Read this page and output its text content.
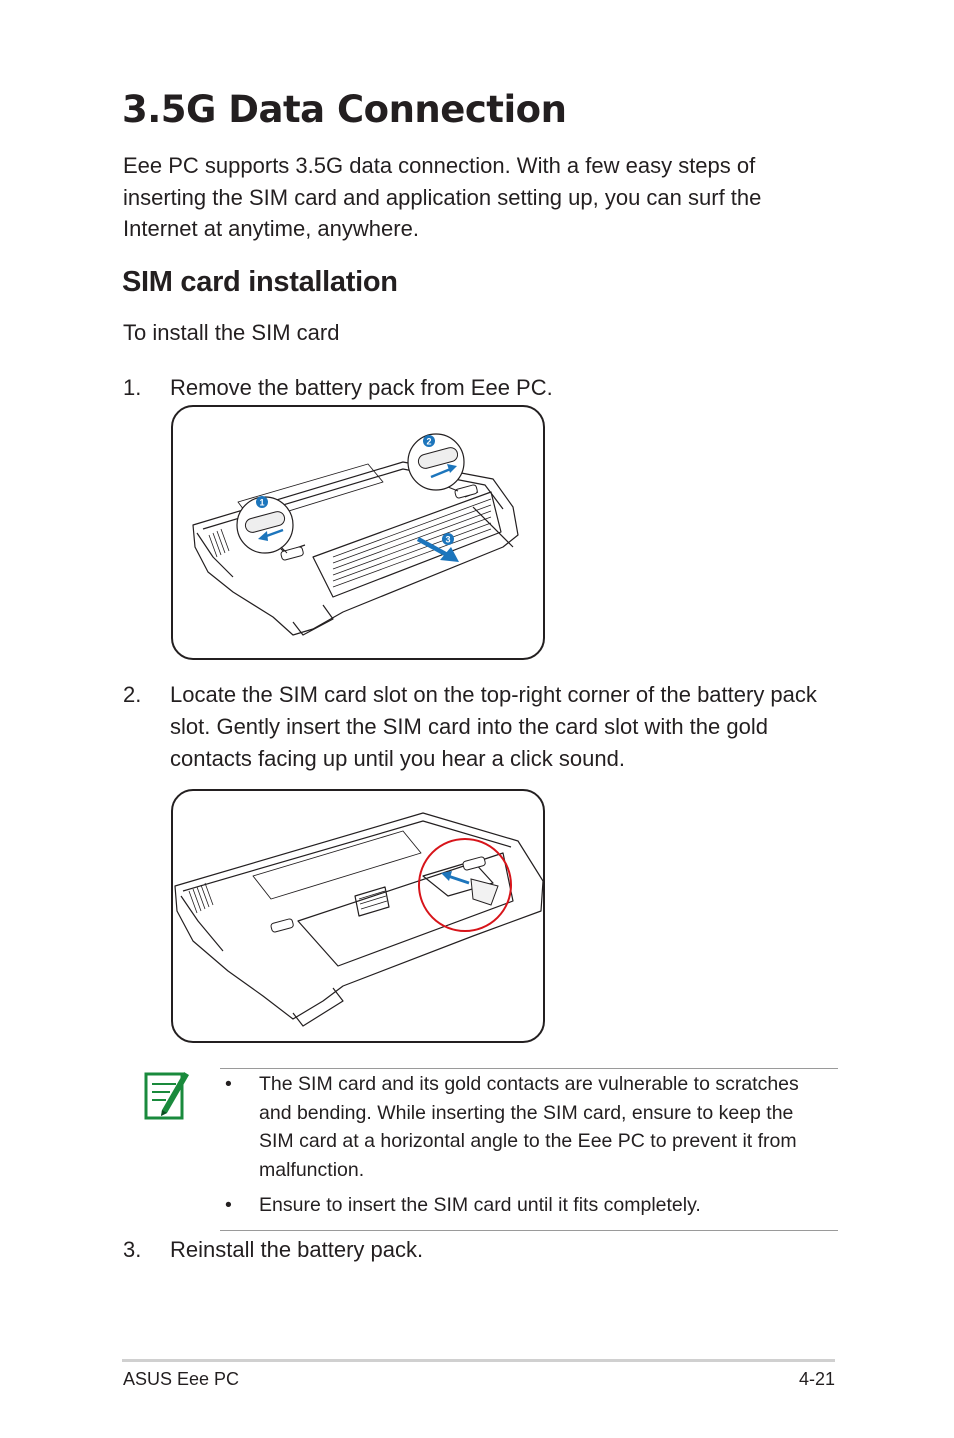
3.5G Data Connection

Eee PC supports 3.5G data connection. With a few easy steps of inserting the SIM card and application setting up, you can surf the Internet at anytime, anywhere.

SIM card installation

To install the SIM card

1. Remove the battery pack from Eee PC.
1
2
3
2. Locate the SIM card slot on the top-right corner of the battery pack slot. Gently insert the SIM card into the card slot with the gold contacts facing up until you hear a click sound.
• The SIM card and its gold contacts are vulnerable to scratches and bending. While inserting the SIM card, ensure to keep the SIM card at a horizontal angle to the Eee PC to prevent it from malfunction.
• Ensure to insert the SIM card until it fits completely.
3. Reinstall the battery pack.
ASUS Eee PC	4-21
